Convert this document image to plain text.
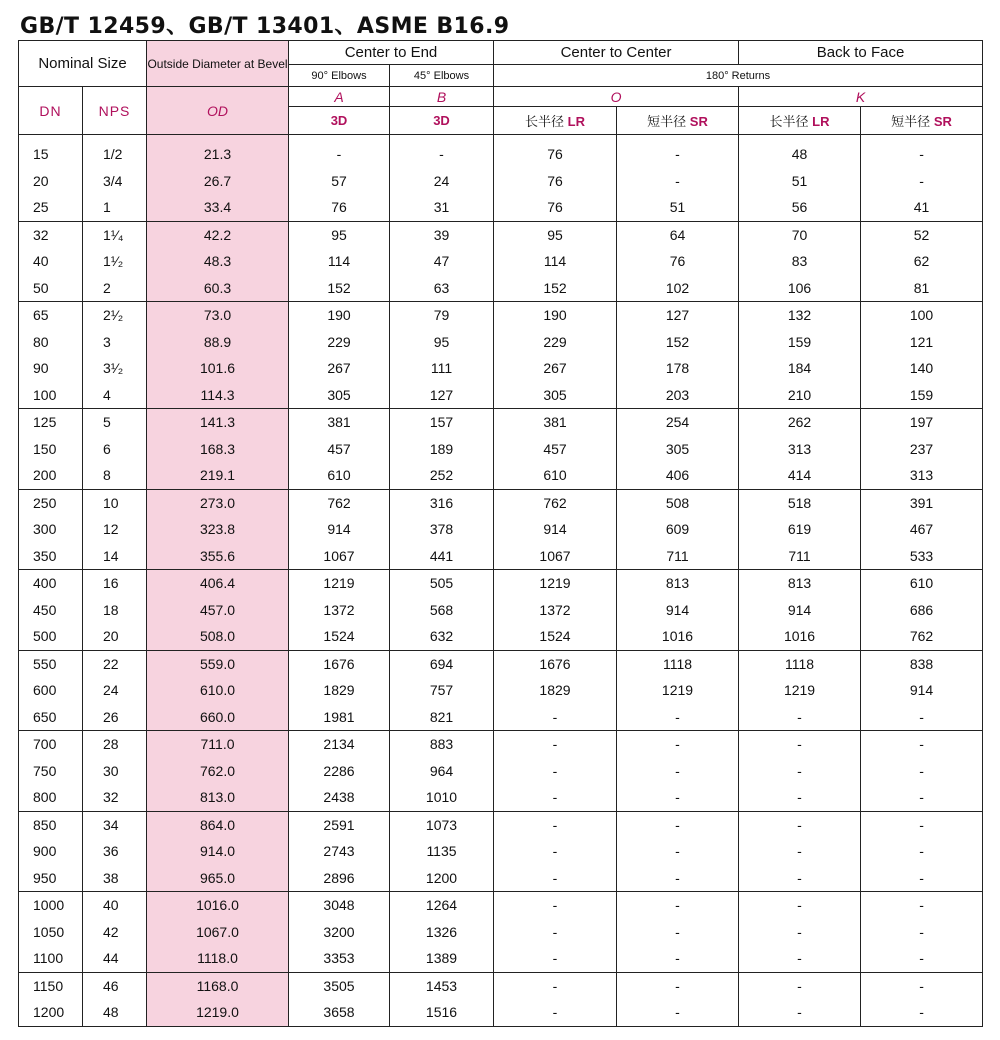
GB/T 12459、GB/T 13401、ASME B16.9
Nominal Size		Outside Diameter at Bevel	Center to End		Center to Center		Back to Face	
			90° Elbows	45° Elbows	180° Returns			
DN	NPS	OD	A	B	O		K	
			3D	3D	长半径 LR	短半径 SR	长半径 LR	短半径 SR
15	1/2	21.3	-	-	76	-	48	-
20	3/4	26.7	57	24	76	-	51	-
25	1	33.4	76	31	76	51	56	41
32	1¹⁄₄	42.2	95	39	95	64	70	52
40	1¹⁄₂	48.3	114	47	114	76	83	62
50	2	60.3	152	63	152	102	106	81
65	2¹⁄₂	73.0	190	79	190	127	132	100
80	3	88.9	229	95	229	152	159	121
90	3¹⁄₂	101.6	267	111	267	178	184	140
100	4	114.3	305	127	305	203	210	159
125	5	141.3	381	157	381	254	262	197
150	6	168.3	457	189	457	305	313	237
200	8	219.1	610	252	610	406	414	313
250	10	273.0	762	316	762	508	518	391
300	12	323.8	914	378	914	609	619	467
350	14	355.6	1067	441	1067	711	711	533
400	16	406.4	1219	505	1219	813	813	610
450	18	457.0	1372	568	1372	914	914	686
500	20	508.0	1524	632	1524	1016	1016	762
550	22	559.0	1676	694	1676	1118	1118	838
600	24	610.0	1829	757	1829	1219	1219	914
650	26	660.0	1981	821	-	-	-	-
700	28	711.0	2134	883	-	-	-	-
750	30	762.0	2286	964	-	-	-	-
800	32	813.0	2438	1010	-	-	-	-
850	34	864.0	2591	1073	-	-	-	-
900	36	914.0	2743	1135	-	-	-	-
950	38	965.0	2896	1200	-	-	-	-
1000	40	1016.0	3048	1264	-	-	-	-
1050	42	1067.0	3200	1326	-	-	-	-
1100	44	1118.0	3353	1389	-	-	-	-
1150	46	1168.0	3505	1453	-	-	-	-
1200	48	1219.0	3658	1516	-	-	-	-
